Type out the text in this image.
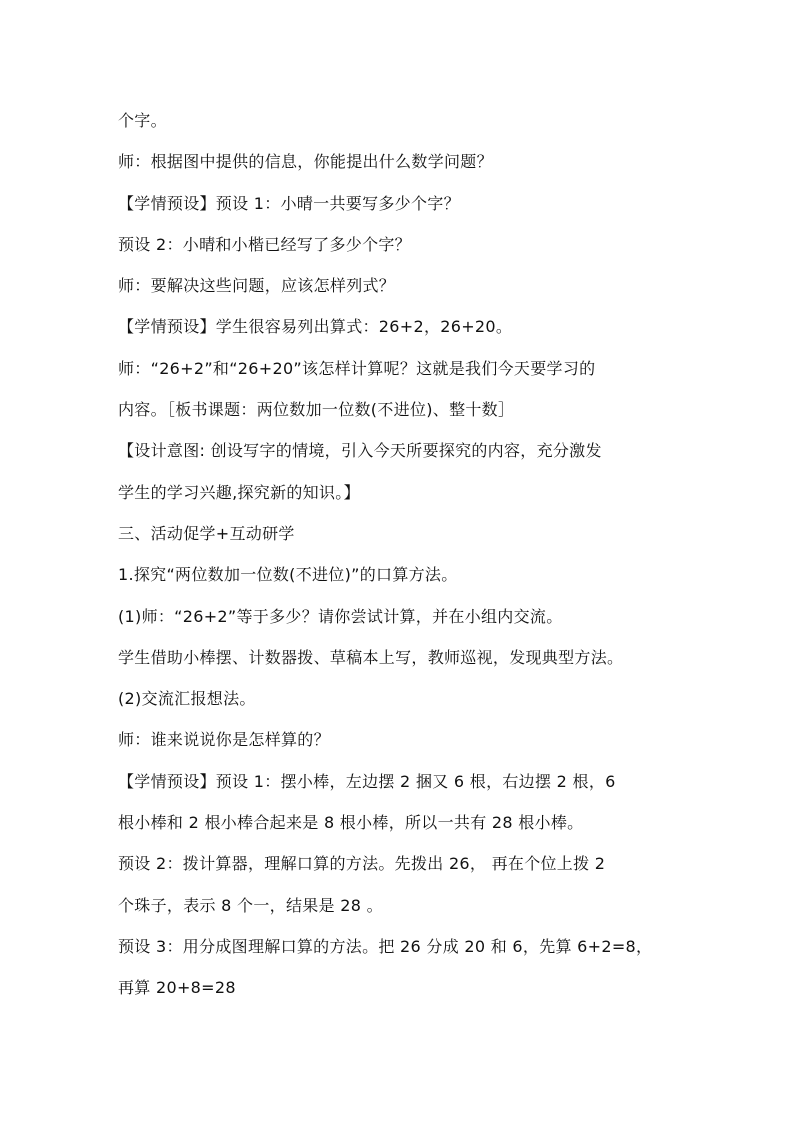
个字。
师：根据图中提供的信息，你能提出什么数学问题？
【学情预设】预设 1：小晴一共要写多少个字？
预设 2：小晴和小楷已经写了多少个字？
师：要解决这些问题，应该怎样列式？
【学情预设】学生很容易列出算式：26+2，26+20。
师：“26+2”和“26+20”该怎样计算呢？这就是我们今天要学习的
内容。［板书课题：两位数加一位数(不进位)、整十数］
【设计意图: 创设写字的情境，引入今天所要探究的内容，充分激发
学生的学习兴趣,探究新的知识。】
三、活动促学+互动研学
1.探究“两位数加一位数(不进位)”的口算方法。
(1)师：“26+2”等于多少？请你尝试计算，并在小组内交流。
学生借助小棒摆、计数器拨、草稿本上写，教师巡视，发现典型方法。
(2)交流汇报想法。
师：谁来说说你是怎样算的？
【学情预设】预设 1：摆小棒，左边摆 2 捆又 6 根，右边摆 2 根，6
根小棒和 2 根小棒合起来是 8 根小棒，所以一共有 28 根小棒。
预设 2：拨计算器，理解口算的方法。先拨出 26， 再在个位上拨 2
个珠子，表示 8 个一，结果是 28 。
预设 3：用分成图理解口算的方法。把 26 分成 20 和 6，先算 6+2=8，
再算 20+8=28
